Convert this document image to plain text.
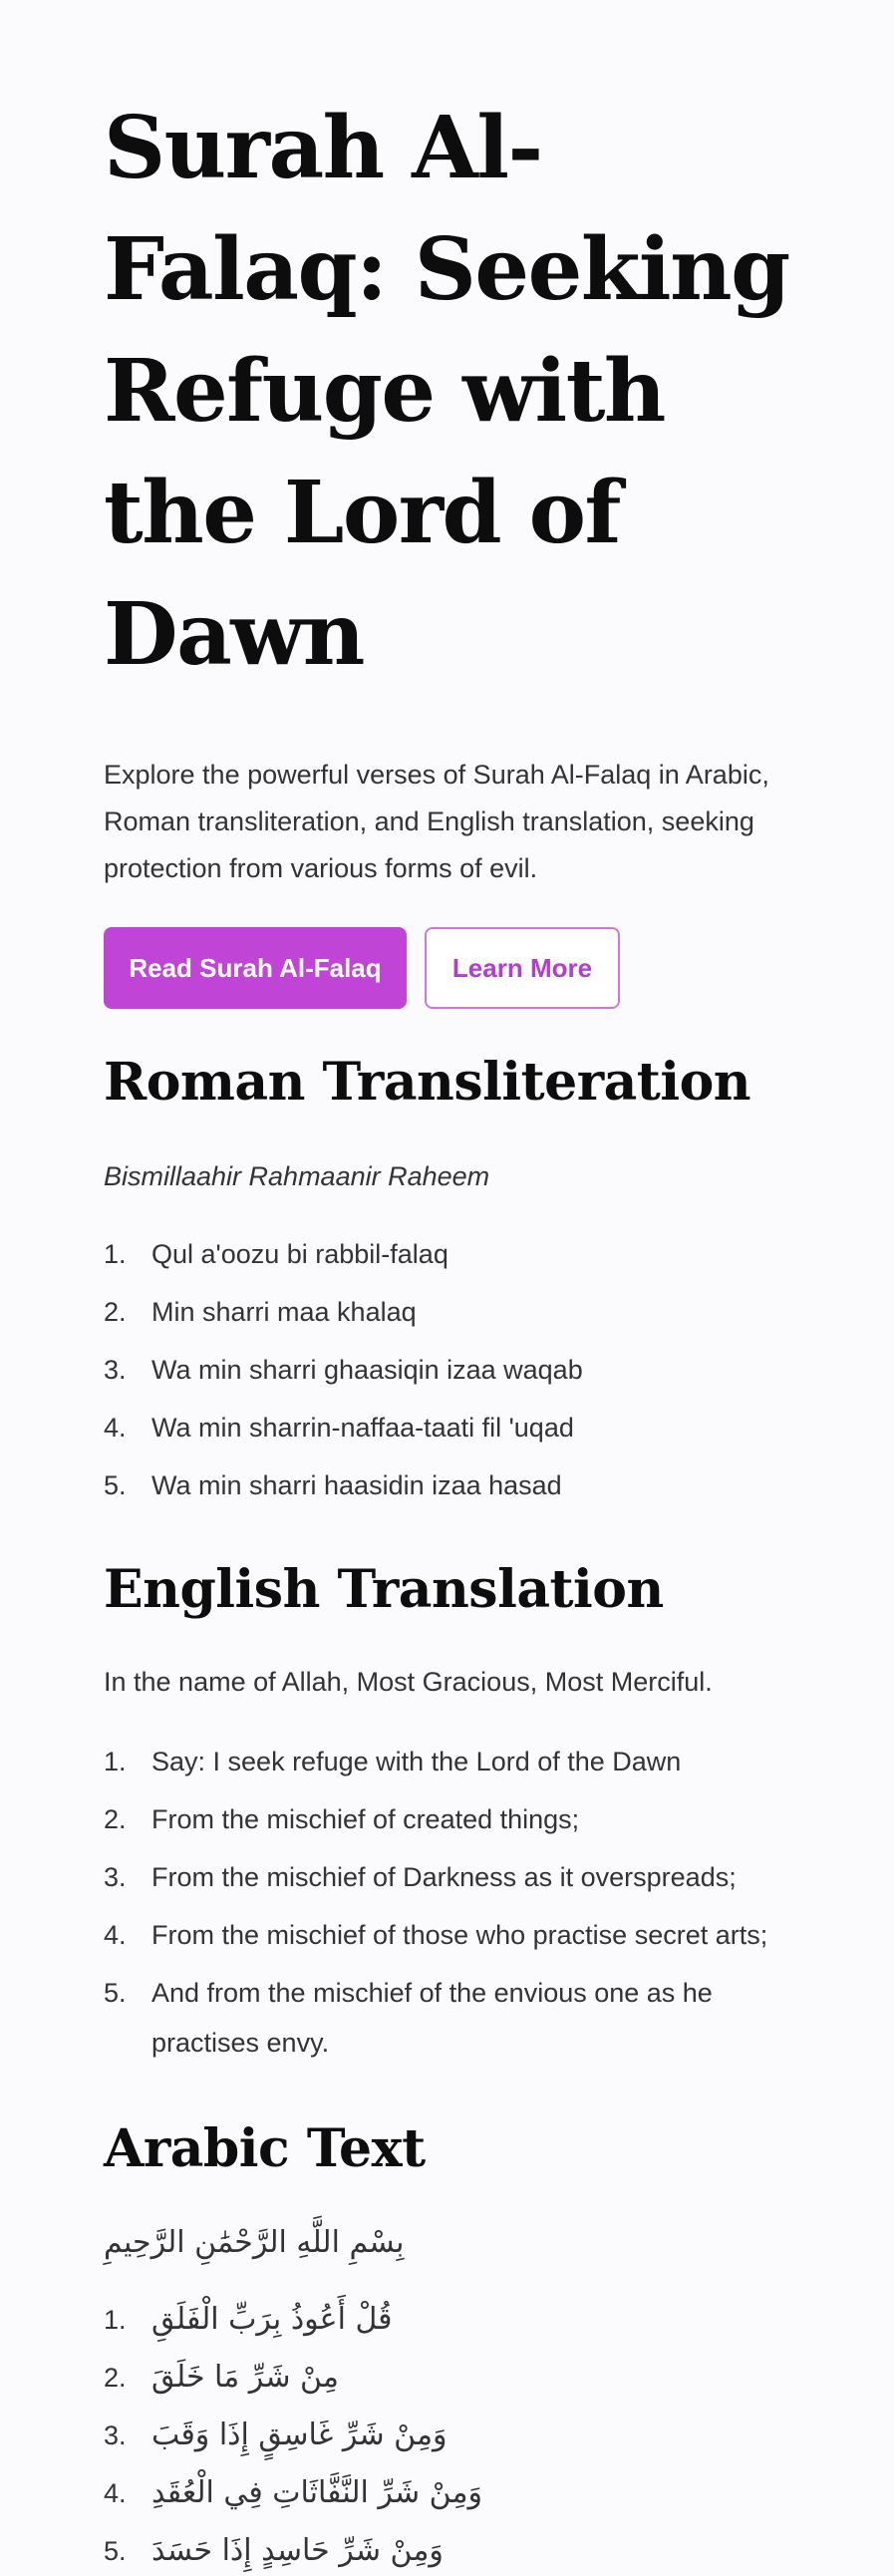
Surah Al-Falaq: Seeking Refuge with the Lord of Dawn

Explore the powerful verses of Surah Al-Falaq in Arabic, Roman transliteration, and English translation, seeking protection from various forms of evil.

Read Surah Al-Falaq	Learn More
Roman Transliteration

Bismillaahir Rahmaanir Raheem

1. Qul a'oozu bi rabbil-falaq
2. Min sharri maa khalaq
3. Wa min sharri ghaasiqin izaa waqab
4. Wa min sharrin-naffaa-taati fil 'uqad
5. Wa min sharri haasidin izaa hasad
English Translation

In the name of Allah, Most Gracious, Most Merciful.

1. Say: I seek refuge with the Lord of the Dawn
2. From the mischief of created things;
3. From the mischief of Darkness as it overspreads;
4. From the mischief of those who practise secret arts;
5. And from the mischief of the envious one as he practises envy.
Arabic Text

بِسْمِ اللَّهِ الرَّحْمَٰنِ الرَّحِيمِ

1. قُلْ أَعُوذُ بِرَبِّ الْفَلَقِ
2. مِنْ شَرِّ مَا خَلَقَ
3. وَمِنْ شَرِّ غَاسِقٍ إِذَا وَقَبَ
4. وَمِنْ شَرِّ النَّفَّاثَاتِ فِي الْعُقَدِ
5. وَمِنْ شَرِّ حَاسِدٍ إِذَا حَسَدَ
